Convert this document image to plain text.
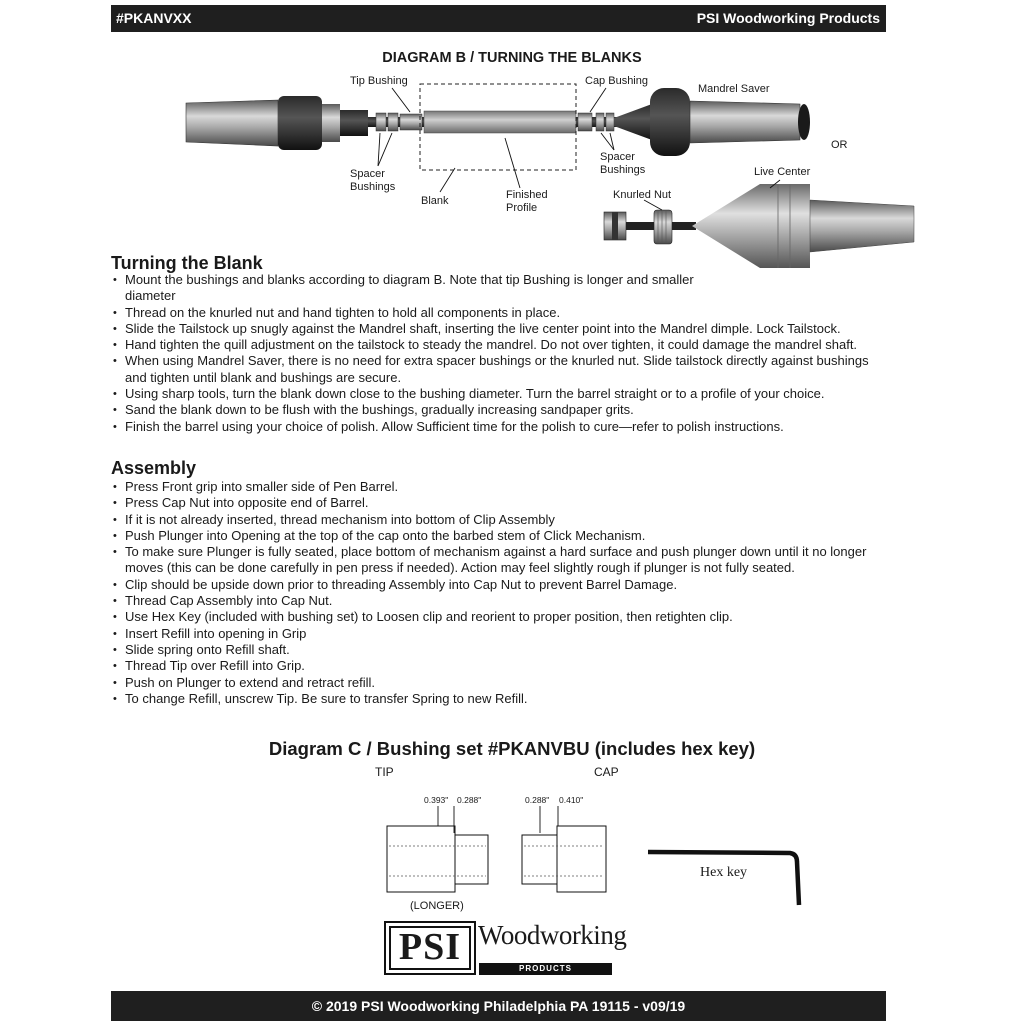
#PKANVXX	PSI Woodworking Products
DIAGRAM B / TURNING THE BLANKS
Tip Bushing	Cap Bushing
Mandrel Saver
Spacer
Bushings
Blank	Finished
Profile
Spacer
Bushings
OR
Live Center
Knurled Nut
Turning the Blank
• Mount the bushings and blanks according to diagram B. Note that tip Bushing is longer and smaller diameter
• Thread on the knurled nut and hand tighten to hold all components in place.
• Slide the Tailstock up snugly against the Mandrel shaft, inserting the live center point into the Mandrel dimple. Lock Tailstock.
• Hand tighten the quill adjustment on the tailstock to steady the mandrel. Do not over tighten, it could damage the mandrel shaft.
• When using Mandrel Saver, there is no need for extra spacer bushings or the knurled nut. Slide tailstock directly against bushings and tighten until blank and bushings are secure.
• Using sharp tools, turn the blank down close to the bushing diameter. Turn the barrel straight or to a profile of your choice.
• Sand the blank down to be flush with the bushings, gradually increasing sandpaper grits.
• Finish the barrel using your choice of polish. Allow Sufficient time for the polish to cure—refer to polish instructions.
Assembly
• Press Front grip into smaller side of Pen Barrel.
• Press Cap Nut into opposite end of Barrel.
• If it is not already inserted, thread mechanism into bottom of Clip Assembly
• Push Plunger into Opening at the top of the cap onto the barbed stem of Click Mechanism.
• To make sure Plunger is fully seated, place bottom of mechanism against a hard surface and push plunger down until it no longer moves (this can be done carefully in pen press if needed). Action may feel slightly rough if plunger is not fully seated.
• Clip should be upside down prior to threading Assembly into Cap Nut to prevent Barrel Damage.
• Thread Cap Assembly into Cap Nut.
• Use Hex Key (included with bushing set) to Loosen clip and reorient to proper position, then retighten clip.
• Insert Refill into opening in Grip
• Slide spring onto Refill shaft.
• Thread Tip over Refill into Grip.
• Push on Plunger to extend and retract refill.
• To change Refill, unscrew Tip. Be sure to transfer Spring to new Refill.
Diagram C / Bushing set #PKANVBU (includes hex key)
TIP	CAP
0.393" 0.288"	0.288" 0.410"
(LONGER)
Hex key
PSI Woodworking
PRODUCTS
© 2019 PSI Woodworking Philadelphia PA 19115 - v09/19
